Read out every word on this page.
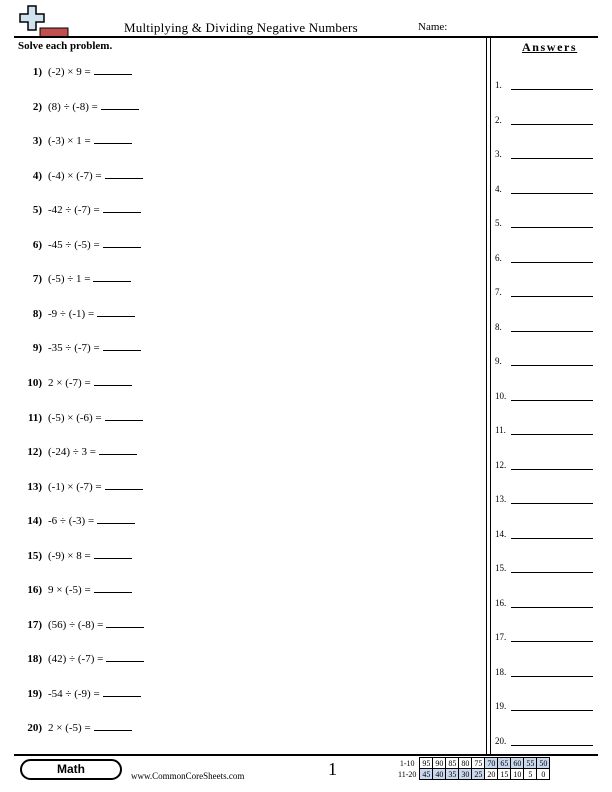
Multiplying & Dividing Negative Numbers	Name:
Solve each problem.
1) (-2) × 9 =
2) (8) ÷ (-8) =
3) (-3) × 1 =
4) (-4) × (-7) =
5) -42 ÷ (-7) =
6) -45 ÷ (-5) =
7) (-5) ÷ 1 =
8) -9 ÷ (-1) =
9) -35 ÷ (-7) =
10) 2 × (-7) =
11) (-5) × (-6) =
12) (-24) ÷ 3 =
13) (-1) × (-7) =
14) -6 ÷ (-3) =
15) (-9) × 8 =
16) 9 × (-5) =
17) (56) ÷ (-8) =
18) (42) ÷ (-7) =
19) -54 ÷ (-9) =
20) 2 × (-5) =
Answers
1.
2.
3.
4.
5.
6.
7.
8.
9.
10.
11.
12.
13.
14.
15.
16.
17.
18.
19.
20.
Math	www.CommonCoreSheets.com	1	1-10	95	90	85	80	75	70	65	60	55	50
11-20	45	40	35	30	25	20	15	10	5	0
